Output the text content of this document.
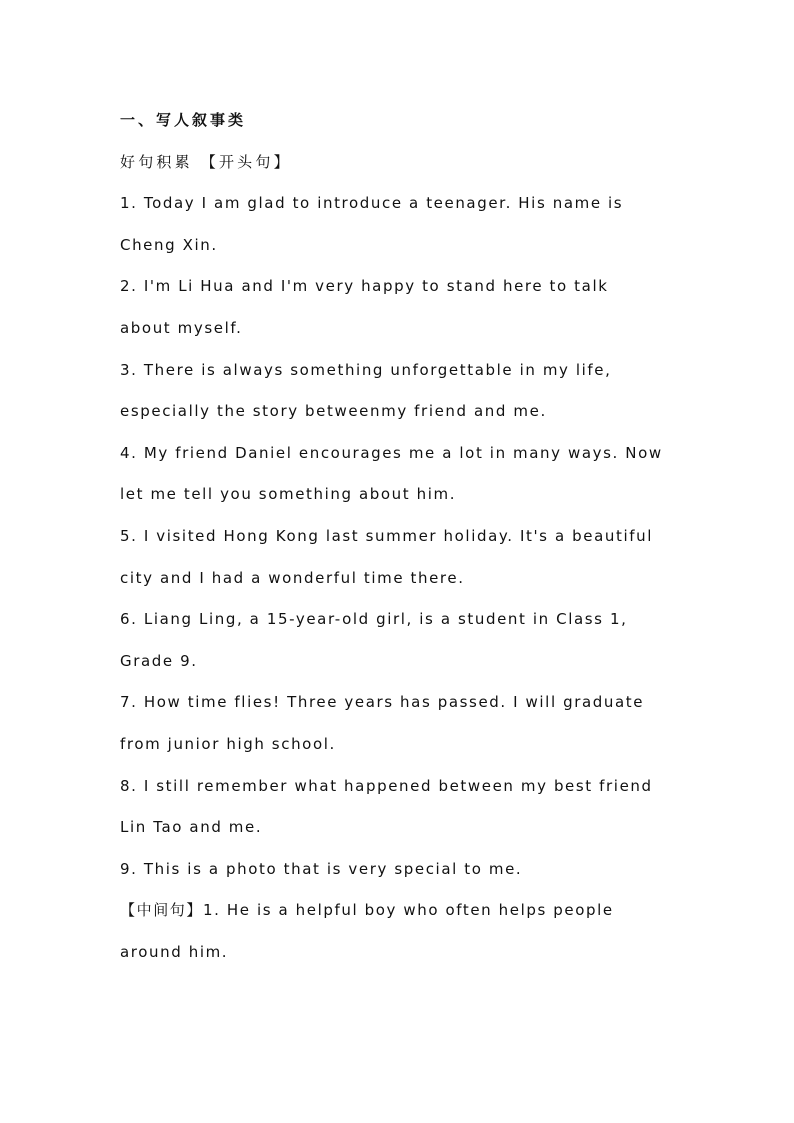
一、写人叙事类
好句积累 【开头句】
1. Today I am glad to introduce a teenager. His name is
Cheng Xin.
2. I'm Li Hua and I'm very happy to stand here to talk
about myself.
3. There is always something unforgettable in my life,
especially the story betweenmy friend and me.
4. My friend Daniel encourages me a lot in many ways. Now
let me tell you something about him.
5. I visited Hong Kong last summer holiday. It's a beautiful
city and I had a wonderful time there.
6. Liang Ling, a 15-year-old girl, is a student in Class 1,
Grade 9.
7. How time flies! Three years has passed. I will graduate
from junior high school.
8. I still remember what happened between my best friend
Lin Tao and me.
9. This is a photo that is very special to me.
【中间句】1. He is a helpful boy who often helps people
around him.
